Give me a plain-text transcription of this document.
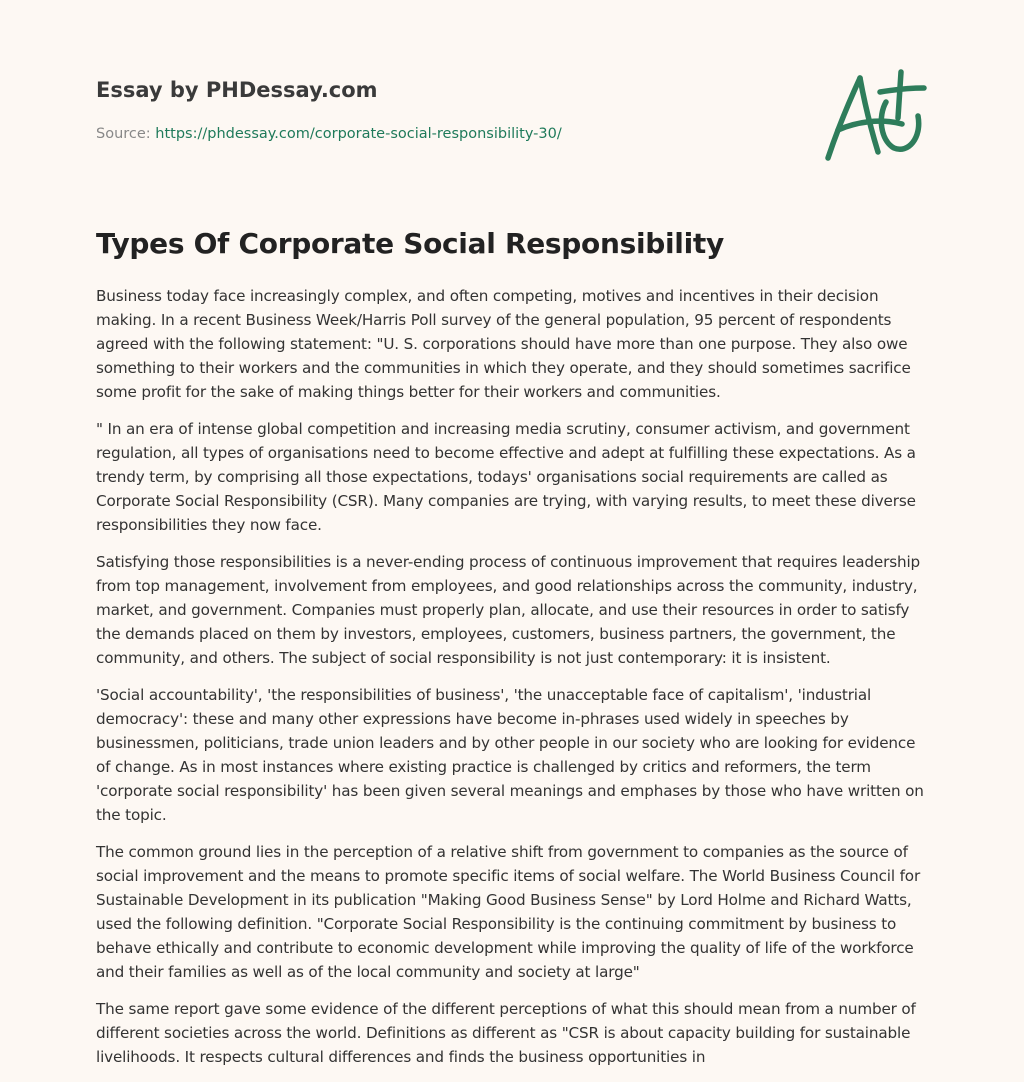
Essay by PHDessay.com
Source: https://phdessay.com/corporate-social-responsibility-30/
Types Of Corporate Social Responsibility

Business today face increasingly complex, and often competing, motives and incentives in their decision making. In a recent Business Week/Harris Poll survey of the general population, 95 percent of respondents agreed with the following statement: "U. S. corporations should have more than one purpose. They also owe something to their workers and the communities in which they operate, and they should sometimes sacrifice some profit for the sake of making things better for their workers and communities.

" In an era of intense global competition and increasing media scrutiny, consumer activism, and government regulation, all types of organisations need to become effective and adept at fulfilling these expectations. As a trendy term, by comprising all those expectations, todays' organisations social requirements are called as Corporate Social Responsibility (CSR). Many companies are trying, with varying results, to meet these diverse responsibilities they now face.

Satisfying those responsibilities is a never-ending process of continuous improvement that requires leadership from top management, involvement from employees, and good relationships across the community, industry, market, and government. Companies must properly plan, allocate, and use their resources in order to satisfy the demands placed on them by investors, employees, customers, business partners, the government, the community, and others. The subject of social responsibility is not just contemporary: it is insistent.

'Social accountability', 'the responsibilities of business', 'the unacceptable face of capitalism', 'industrial democracy': these and many other expressions have become in-phrases used widely in speeches by businessmen, politicians, trade union leaders and by other people in our society who are looking for evidence of change. As in most instances where existing practice is challenged by critics and reformers, the term 'corporate social responsibility' has been given several meanings and emphases by those who have written on the topic.

The common ground lies in the perception of a relative shift from government to companies as the source of social improvement and the means to promote specific items of social welfare. The World Business Council for Sustainable Development in its publication "Making Good Business Sense" by Lord Holme and Richard Watts, used the following definition. "Corporate Social Responsibility is the continuing commitment by business to behave ethically and contribute to economic development while improving the quality of life of the workforce and their families as well as of the local community and society at large"

The same report gave some evidence of the different perceptions of what this should mean from a number of different societies across the world. Definitions as different as "CSR is about capacity building for sustainable livelihoods. It respects cultural differences and finds the business opportunities in
